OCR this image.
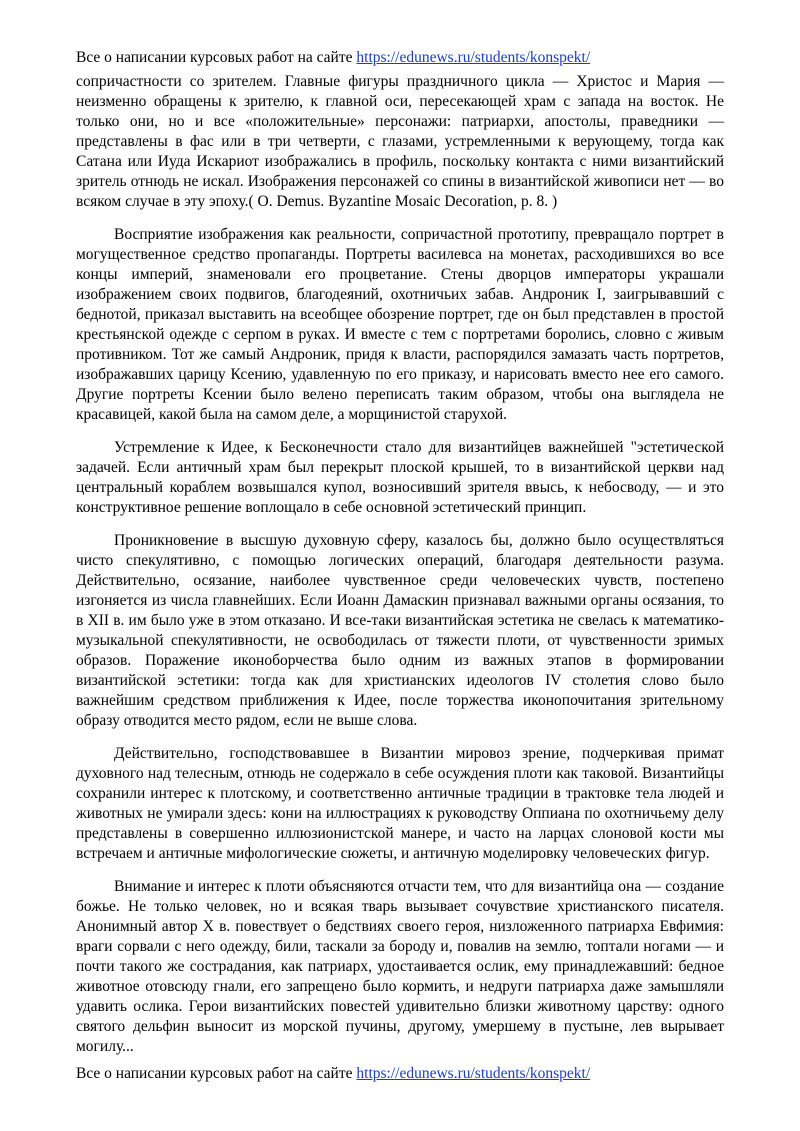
Все о написании курсовых работ на сайте https://edunews.ru/students/konspekt/

сопричастности со зрителем. Главные фигуры праздничного цикла — Христос и Мария — неизменно обращены к зрителю, к главной оси, пересекающей храм с запада на восток. Не только они, но и все «положительные» персонажи: патриархи, апостолы, праведники — представлены в фас или в три четверти, с глазами, устремленными к верующему, тогда как Сатана или Иуда Искариот изображались в профиль, поскольку контакта с ними византийский зритель отнюдь не искал. Изображения персонажей со спины в византийской живописи нет — во всяком случае в эту эпоху.( O. Demus. Byzantine Mosaic Decoration, p. 8. )

Восприятие изображения как реальности, сопричастной прототипу, превращало портрет в могущественное средство пропаганды. Портреты василевса на монетах, расходившихся во все концы империй, знаменовали его процветание. Стены дворцов императоры украшали изображением своих подвигов, благодеяний, охотничьих забав. Андроник I, заигрывавший с беднотой, приказал выставить на всеобщее обозрение портрет, где он был представлен в простой крестьянской одежде с серпом в руках. И вместе с тем с портретами боролись, словно с живым противником. Тот же самый Андроник, придя к власти, распорядился замазать часть портретов, изображавших царицу Ксению, удавленную по его приказу, и нарисовать вместо нее его самого. Другие портреты Ксении было велено переписать таким образом, чтобы она выглядела не красавицей, какой была на самом деле, а морщинистой старухой.

Устремление к Идее, к Бесконечности стало для византийцев важнейшей "эстетической задачей. Если античный храм был перекрыт плоской крышей, то в византийской церкви над центральный кораблем возвышался купол, возносивший зрителя ввысь, к небосводу, — и это конструктивное решение воплощало в себе основной эстетический принцип.

Проникновение в высшую духовную сферу, казалось бы, должно было осуществляться чисто спекулятивно, с помощью логических операций, благодаря деятельности разума. Действительно, осязание, наиболее чувственное среди человеческих чувств, постепено изгоняется из числа главнейших. Если Иоанн Дамаскин признавал важными органы осязания, то в XII в. им было уже в этом отказано. И все-таки византийская эстетика не свелась к математико-музыкальной спекулятивности, не освободилась от тяжести плоти, от чувственности зримых образов. Поражение иконоборчества было одним из важных этапов в формировании византийской эстетики: тогда как для христианских идеологов IV столетия слово было важнейшим средством приближения к Идее, после торжества иконопочитания зрительному образу отводится место рядом, если не выше слова.

Действительно, господствовавшее в Византии мировоз зрение, подчеркивая примат духовного над телесным, отнюдь не содержало в себе осуждения плоти как таковой. Византийцы сохранили интерес к плотскому, и соответственно античные традиции в трактовке тела людей и животных не умирали здесь: кони на иллюстрациях к руководству Оппиана по охотничьему делу представлены в совершенно иллюзионистской манере, и часто на ларцах слоновой кости мы встречаем и античные мифологические сюжеты, и античную моделировку человеческих фигур.

Внимание и интерес к плоти объясняются отчасти тем, что для византийца она — создание божье. Не только человек, но и всякая тварь вызывает сочувствие христианского писателя. Анонимный автор X в. повествует о бедствиях своего героя, низложенного патриарха Евфимия: враги сорвали с него одежду, били, таскали за бороду и, повалив на землю, топтали ногами — и почти такого же сострадания, как патриарх, удостаивается ослик, ему принадлежавший: бедное животное отовсюду гнали, его запрещено было кормить, и недруги патриарха даже замышляли удавить ослика. Герои византийских повестей удивительно близки животному царству: одного святого дельфин выносит из морской пучины, другому, умершему в пустыне, лев вырывает могилу...

Все о написании курсовых работ на сайте https://edunews.ru/students/konspekt/
